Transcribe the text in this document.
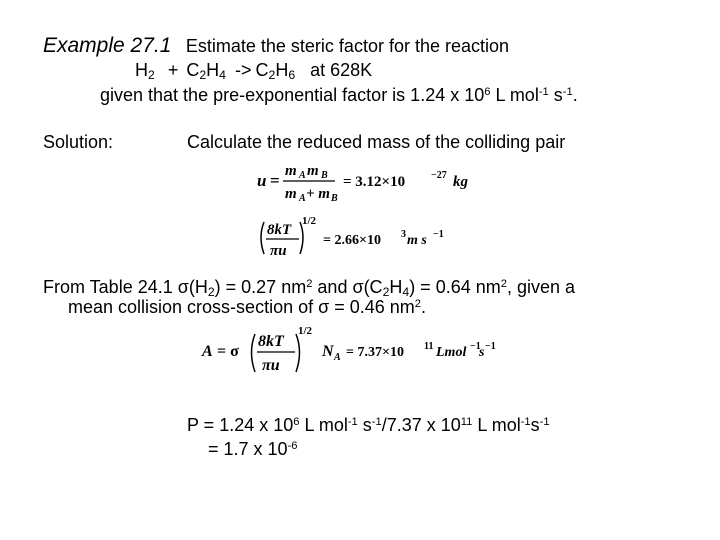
Example 27.1 Estimate the steric factor for the reaction
$H_2 + C_2H_4 -> C_2H_6$ at 628K
given that the pre-exponential factor is 1.24 x $10^6$ L mol$^{-1}$ $s^{-1}$.
Solution:	Calculate the reduced mass of the colliding pair
u = m A m B
m A + m B
= 3.12×10	−27 kg
8kT
πu
1/2
= 2.66×10 3 m s −1
From Table 24.1 $\sigma(H_2) = 0.27$ $nm^2$ and $\sigma(C_2H_4) = 0.64$ $nm^2$, given a
mean collision cross-section of σ = 0.46 $nm^2$.
A = σ
8kT
πu
1/2
N A = 7.37×10 11 Lmol −1
s −1
P = 1.24 x $10^6$ L mol$^{-1}$ $s^{-1}/7.37$ x $10^{11}$ L $mol^{-1}s^{-1}$
= 1.7 x $10^{-6}$
